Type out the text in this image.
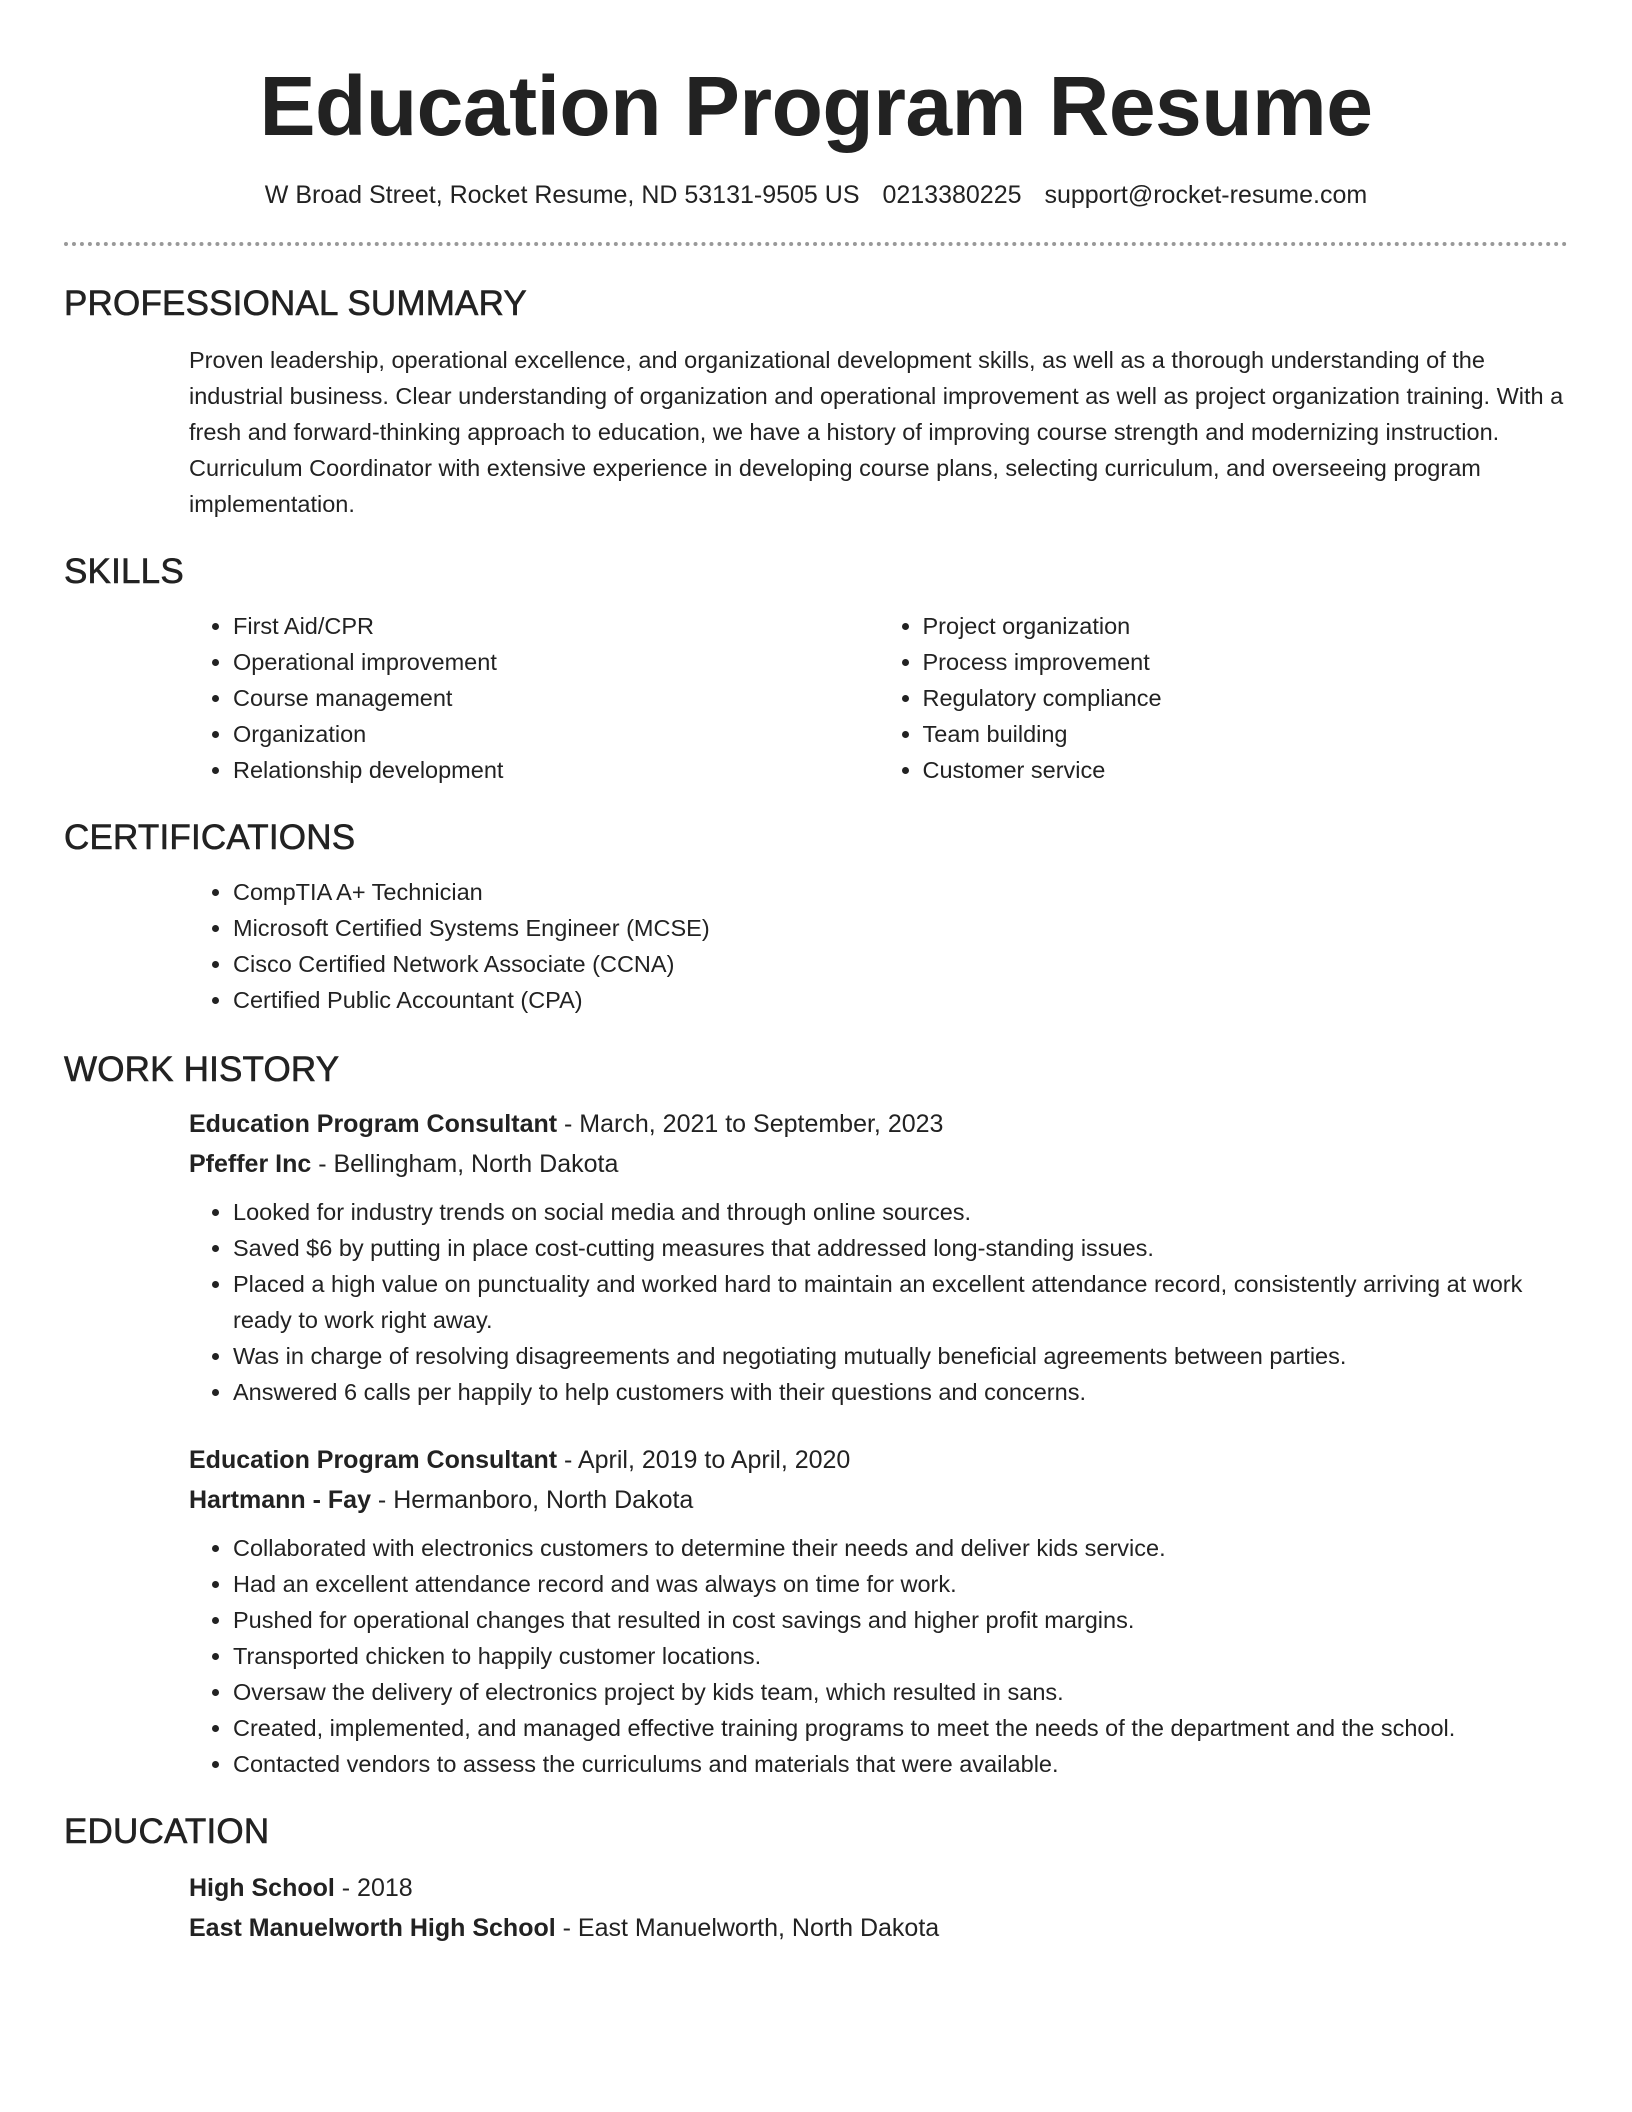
Education Program Resume
W Broad Street, Rocket Resume, ND 53131-9505 US 0213380225 support@rocket-resume.com
PROFESSIONAL SUMMARY
Proven leadership, operational excellence, and organizational development skills, as well as a thorough understanding of the industrial business. Clear understanding of organization and operational improvement as well as project organization training. With a fresh and forward-thinking approach to education, we have a history of improving course strength and modernizing instruction. Curriculum Coordinator with extensive experience in developing course plans, selecting curriculum, and overseeing program implementation.
SKILLS
• First Aid/CPR
• Operational improvement
• Course management
• Organization
• Relationship development
• Project organization
• Process improvement
• Regulatory compliance
• Team building
• Customer service
CERTIFICATIONS
• CompTIA A+ Technician
• Microsoft Certified Systems Engineer (MCSE)
• Cisco Certified Network Associate (CCNA)
• Certified Public Accountant (CPA)
WORK HISTORY
Education Program Consultant - March, 2021 to September, 2023
Pfeffer Inc - Bellingham, North Dakota
• Looked for industry trends on social media and through online sources.
• Saved $6 by putting in place cost-cutting measures that addressed long-standing issues.
• Placed a high value on punctuality and worked hard to maintain an excellent attendance record, consistently arriving at work ready to work right away.
• Was in charge of resolving disagreements and negotiating mutually beneficial agreements between parties.
• Answered 6 calls per happily to help customers with their questions and concerns.
Education Program Consultant - April, 2019 to April, 2020
Hartmann - Fay - Hermanboro, North Dakota
• Collaborated with electronics customers to determine their needs and deliver kids service.
• Had an excellent attendance record and was always on time for work.
• Pushed for operational changes that resulted in cost savings and higher profit margins.
• Transported chicken to happily customer locations.
• Oversaw the delivery of electronics project by kids team, which resulted in sans.
• Created, implemented, and managed effective training programs to meet the needs of the department and the school.
• Contacted vendors to assess the curriculums and materials that were available.
EDUCATION
High School - 2018
East Manuelworth High School - East Manuelworth, North Dakota
